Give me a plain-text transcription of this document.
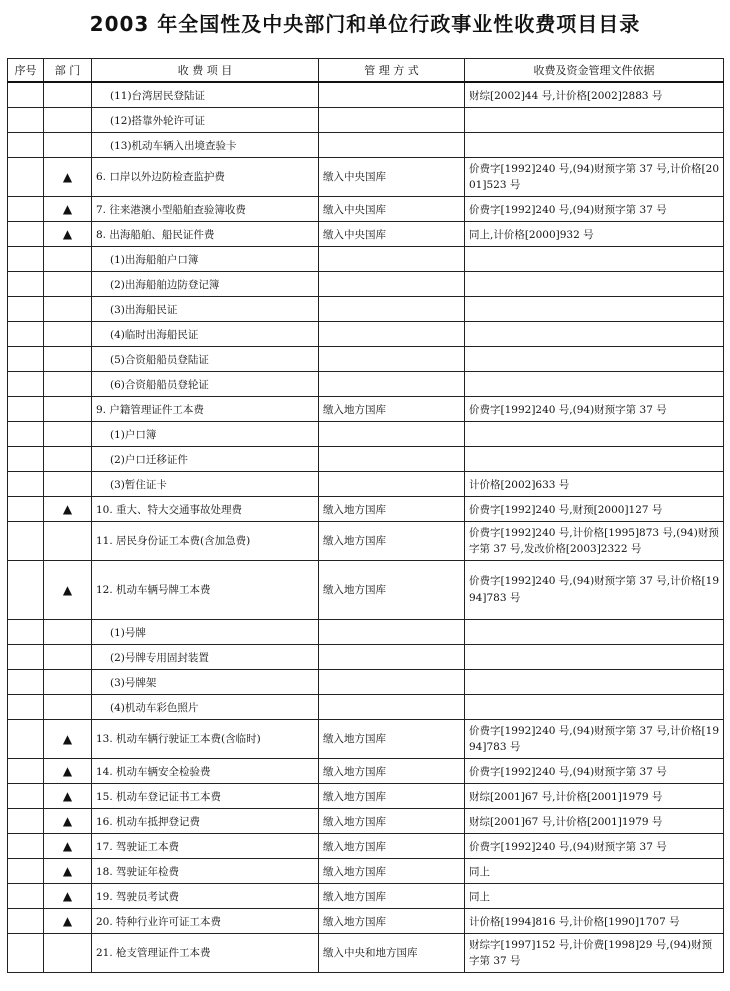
2003 年全国性及中央部门和单位行政事业性收费项目目录
序号	部 门	收 费 项 目	管 理 方 式	收费及资金管理文件依据
		(11)台湾居民登陆证		财综[2002]44 号,计价格[2002]2883 号
		(12)搭靠外轮许可证		
		(13)机动车辆入出境查验卡		
	▲	6. 口岸以外边防检查监护费	缴入中央国库	价费字[1992]240 号,(94)财预字第 37 号,计价格[2001]523 号
	▲	7. 往来港澳小型船舶查验簿收费	缴入中央国库	价费字[1992]240 号,(94)财预字第 37 号
	▲	8. 出海船舶、船民证件费	缴入中央国库	同上,计价格[2000]932 号
		(1)出海船舶户口簿		
		(2)出海船舶边防登记簿		
		(3)出海船民证		
		(4)临时出海船民证		
		(5)合资船船员登陆证		
		(6)合资船船员登轮证		
		9. 户籍管理证件工本费	缴入地方国库	价费字[1992]240 号,(94)财预字第 37 号
		(1)户口簿		
		(2)户口迁移证件		
		(3)暂住证卡		计价格[2002]633 号
	▲	10. 重大、特大交通事故处理费	缴入地方国库	价费字[1992]240 号,财预[2000]127 号
		11. 居民身份证工本费(含加急费)	缴入地方国库	价费字[1992]240 号,计价格[1995]873 号,(94)财预字第 37 号,发改价格[2003]2322 号
	▲	12. 机动车辆号牌工本费	缴入地方国库	价费字[1992]240 号,(94)财预字第 37 号,计价格[1994]783 号
		(1)号牌		
		(2)号牌专用固封装置		
		(3)号牌架		
		(4)机动车彩色照片		
	▲	13. 机动车辆行驶证工本费(含临时)	缴入地方国库	价费字[1992]240 号,(94)财预字第 37 号,计价格[1994]783 号
	▲	14. 机动车辆安全检验费	缴入地方国库	价费字[1992]240 号,(94)财预字第 37 号
	▲	15. 机动车登记证书工本费	缴入地方国库	财综[2001]67 号,计价格[2001]1979 号
	▲	16. 机动车抵押登记费	缴入地方国库	财综[2001]67 号,计价格[2001]1979 号
	▲	17. 驾驶证工本费	缴入地方国库	价费字[1992]240 号,(94)财预字第 37 号
	▲	18. 驾驶证年检费	缴入地方国库	同上
	▲	19. 驾驶员考试费	缴入地方国库	同上
	▲	20. 特种行业许可证工本费	缴入地方国库	计价格[1994]816 号,计价格[1990]1707 号
		21. 枪支管理证件工本费	缴入中央和地方国库	财综字[1997]152 号,计价费[1998]29 号,(94)财预字第 37 号
